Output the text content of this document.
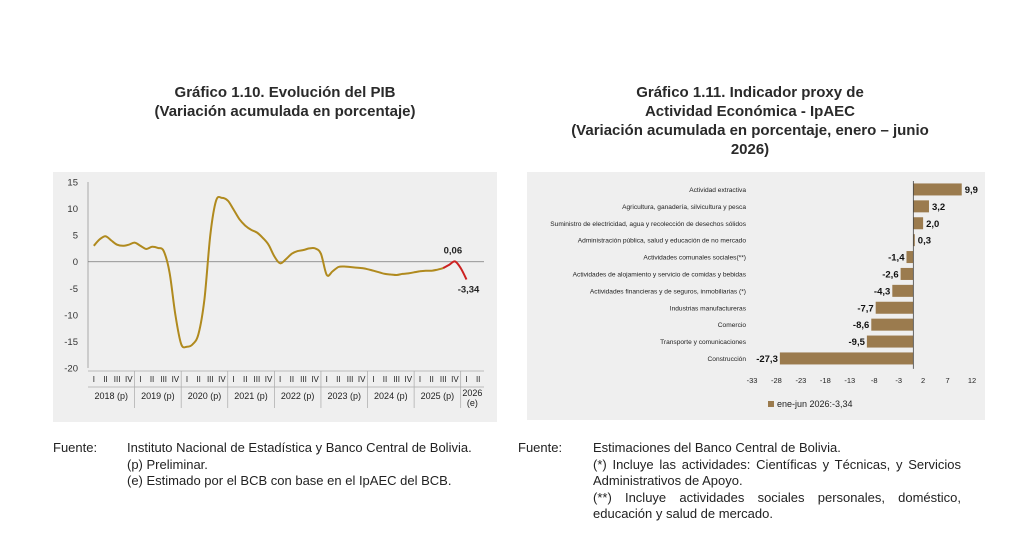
Gráfico 1.10. Evolución del PIB
(Variación acumulada en porcentaje)
Gráfico 1.11. Indicador proxy de
Actividad Económica - IpAEC
(Variación acumulada en porcentaje, enero – junio
2026)
15
10
5
0
-5
-10
-15
-20
I II III IV I II III IV I II III IV I II III IV I II III IV I II III IV I II III IV I II III IV I II
2018 (p) 2019 (p) 2020 (p) 2021 (p) 2022 (p) 2023 (p) 2024 (p) 2025 (p) 2026
(e)
0,06
-3,34
Actividad extractiva	9,9
Agricultura, ganadería, silvicultura y pesca	3,2
Suministro de electricidad, agua y recolección de desechos sólidos	2,0
Administración pública, salud y educación de no mercado	0,3
Actividades comunales sociales(**)	-1,4
Actividades de alojamiento y servicio de comidas y bebidas	-2,6
Actividades financieras y de seguros, inmobiliarias (*)	-4,3
Industrias manufactureras	-7,7
Comercio	-8,6
Transporte y comunicaciones	-9,5
Construcción -27,3
-33 -28 -23 -18 -13 -8 -3	2	7 12
ene-jun 2026:-3,34
Fuente: Instituto Nacional de Estadística y Banco Central de Bolivia.
(p) Preliminar.
(e) Estimado por el BCB con base en el IpAEC del BCB.
Fuente: Estimaciones del Banco Central de Bolivia.
(*) Incluye las actividades: Científicas y Técnicas, y Servicios Administrativos de Apoyo.
(**) Incluye actividades sociales personales, doméstico, educación y salud de mercado.
